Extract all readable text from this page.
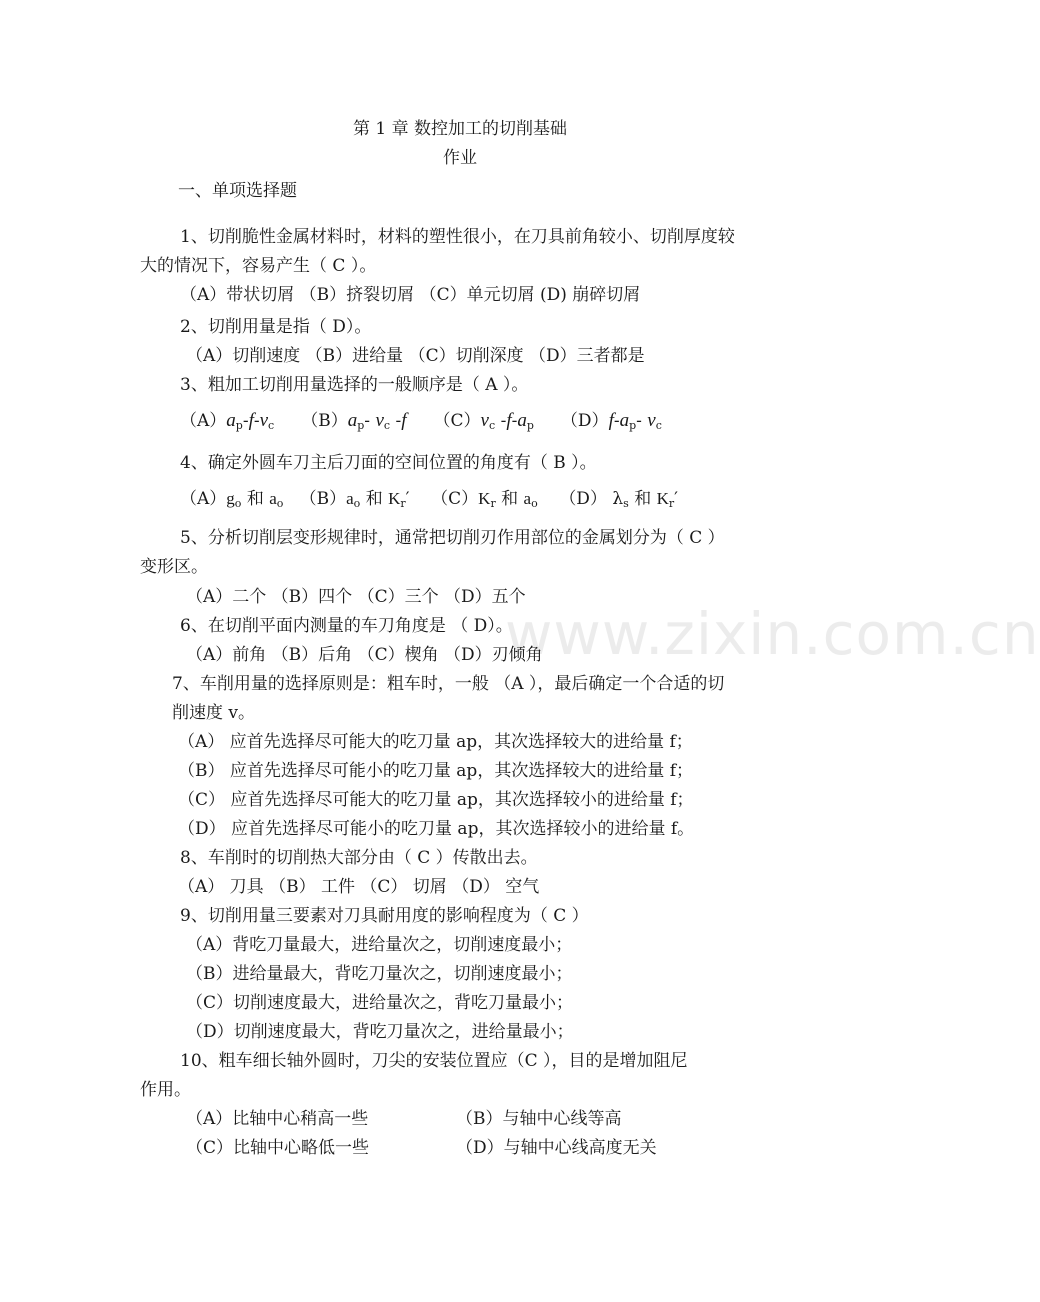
www.zixin.com.cn
第 1 章 数控加工的切削基础
作业
一、单项选择题
1、切削脆性金属材料时，材料的塑性很小，在刀具前角较小、切削厚度较
大的情况下，容易产生（ C ）。
（A）带状切屑 （B）挤裂切屑 （C）单元切屑 (D) 崩碎切屑
2、切削用量是指（ D）。
（A）切削速度 （B）进给量 （C）切削深度 （D）三者都是
3、粗加工切削用量选择的一般顺序是（ A ）。
$(A)a_p-f-v_c$ $(B)a_p-$ $v_c$ -f $(C)v_c$ $-f-a_p$ $(D)f-a_p-$ $v_c$
4、确定外圆车刀主后刀面的空间位置的角度有（ B ）。
$(A)g_o$ 和 $a_o$ $(B)a_o$ 和 $K_r'$ $(C)K_r$ 和 $a_o$ （D） $\lambda_s$ 和 $K_r'$
5、分析切削层变形规律时，通常把切削刃作用部位的金属划分为（ C ）
变形区。
（A）二个 （B）四个 （C）三个 （D）五个
6、在切削平面内测量的车刀角度是 （ D）。
（A）前角 （B）后角 （C）楔角 （D）刃倾角
7、车削用量的选择原则是：粗车时，一般 （A ），最后确定一个合适的切
削速度 v。
（A） 应首先选择尽可能大的吃刀量 ap，其次选择较大的进给量 f；
（B） 应首先选择尽可能小的吃刀量 ap，其次选择较大的进给量 f；
（C） 应首先选择尽可能大的吃刀量 ap，其次选择较小的进给量 f；
（D） 应首先选择尽可能小的吃刀量 ap，其次选择较小的进给量 f。
8、车削时的切削热大部分由（ C ）传散出去。
（A） 刀具 （B） 工件 （C） 切屑 （D） 空气
9、切削用量三要素对刀具耐用度的影响程度为（ C ）
（A）背吃刀量最大，进给量次之，切削速度最小；
（B）进给量最大，背吃刀量次之，切削速度最小；
（C）切削速度最大，进给量次之，背吃刀量最小；
（D）切削速度最大，背吃刀量次之，进给量最小；
10、粗车细长轴外圆时，刀尖的安装位置应（C ），目的是增加阻尼
作用。
（A）比轴中心稍高一些	（B）与轴中心线等高
（C）比轴中心略低一些	（D）与轴中心线高度无关
